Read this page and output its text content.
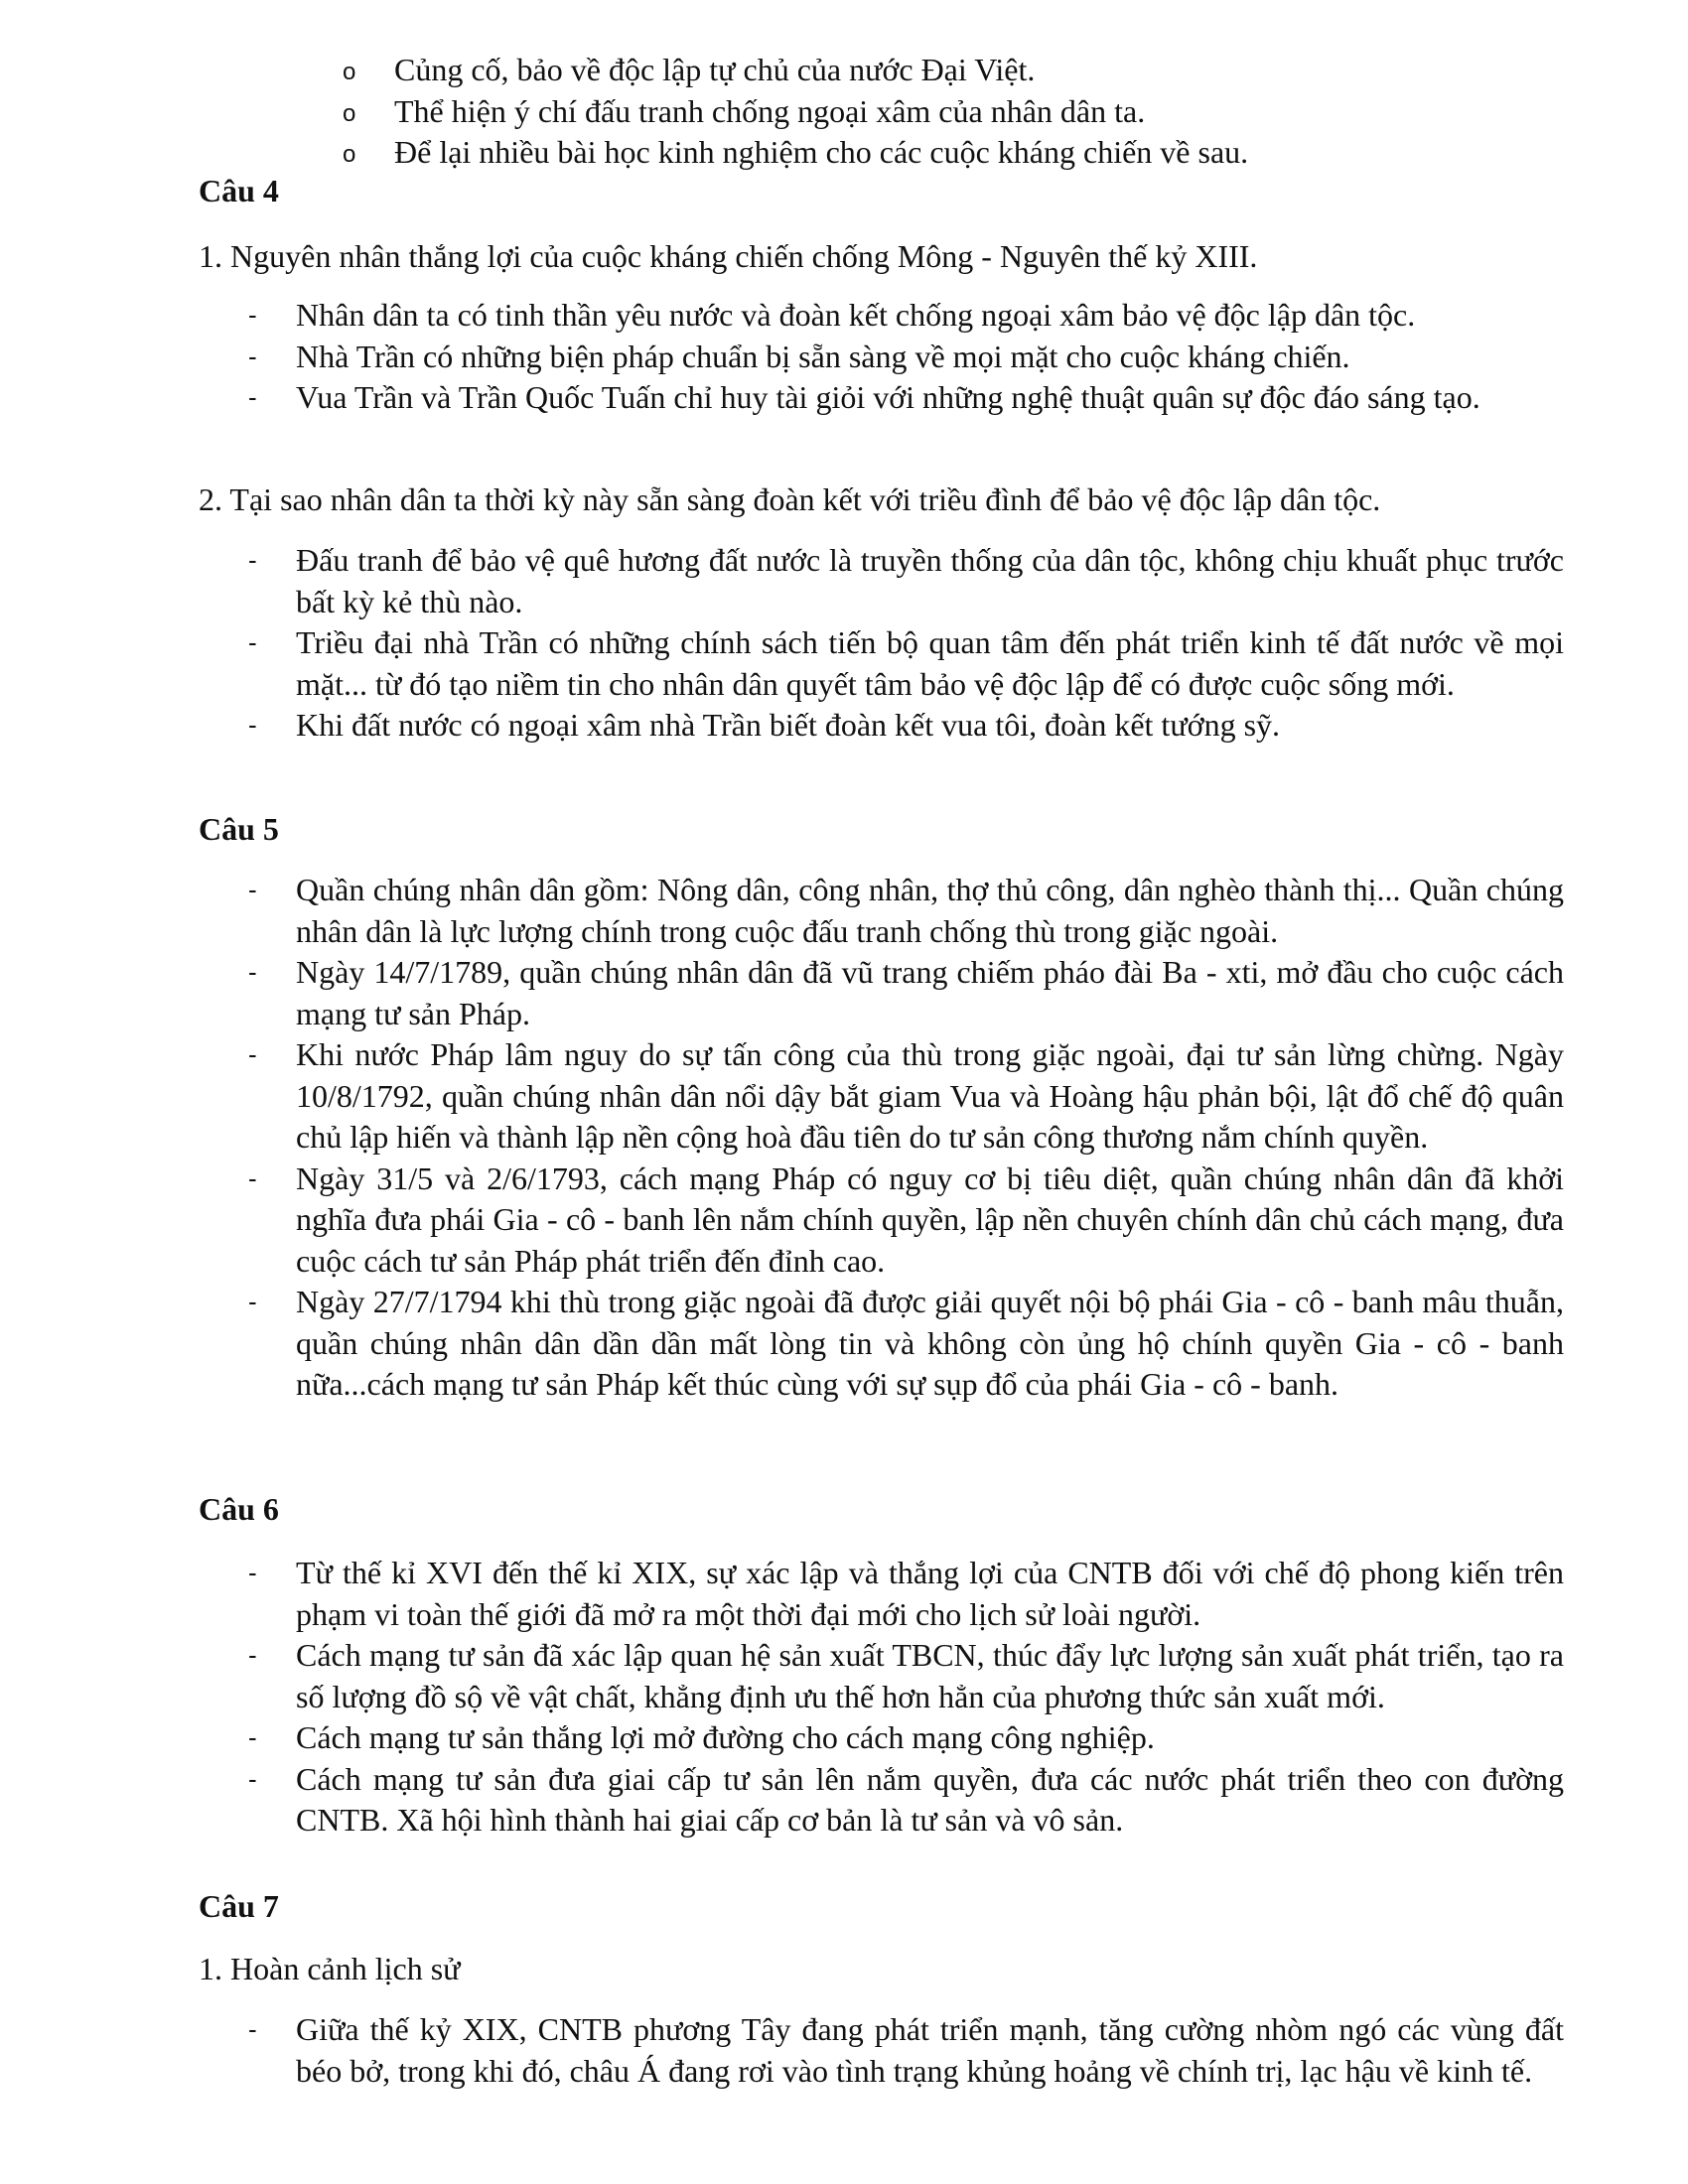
o Củng cố, bảo về độc lập tự chủ của nước Đại Việt.
o Thể hiện ý chí đấu tranh chống ngoại xâm của nhân dân ta.
o Để lại nhiều bài học kinh nghiệm cho các cuộc kháng chiến về sau.
Câu 4

1. Nguyên nhân thắng lợi của cuộc kháng chiến chống Mông - Nguyên thế kỷ XIII.

- Nhân dân ta có tinh thần yêu nước và đoàn kết chống ngoại xâm bảo vệ độc lập dân tộc.
- Nhà Trần có những biện pháp chuẩn bị sẵn sàng về mọi mặt cho cuộc kháng chiến.
- Vua Trần và Trần Quốc Tuấn chỉ huy tài giỏi với những nghệ thuật quân sự độc đáo sáng tạo.

2. Tại sao nhân dân ta thời kỳ này sẵn sàng đoàn kết với triều đình để bảo vệ độc lập dân tộc.

- Đấu tranh để bảo vệ quê hương đất nước là truyền thống của dân tộc, không chịu khuất phục trước bất kỳ kẻ thù nào.
- Triều đại nhà Trần có những chính sách tiến bộ quan tâm đến phát triển kinh tế đất nước về mọi mặt... từ đó tạo niềm tin cho nhân dân quyết tâm bảo vệ độc lập để có được cuộc sống mới.
- Khi đất nước có ngoại xâm nhà Trần biết đoàn kết vua tôi, đoàn kết tướng sỹ.
Câu 5
- Quần chúng nhân dân gồm: Nông dân, công nhân, thợ thủ công, dân nghèo thành thị... Quần chúng nhân dân là lực lượng chính trong cuộc đấu tranh chống thù trong giặc ngoài.
- Ngày 14/7/1789, quần chúng nhân dân đã vũ trang chiếm pháo đài Ba - xti, mở đầu cho cuộc cách mạng tư sản Pháp.
- Khi nước Pháp lâm nguy do sự tấn công của thù trong giặc ngoài, đại tư sản lừng chừng. Ngày 10/8/1792, quần chúng nhân dân nổi dậy bắt giam Vua và Hoàng hậu phản bội, lật đổ chế độ quân chủ lập hiến và thành lập nền cộng hoà đầu tiên do tư sản công thương nắm chính quyền.
- Ngày 31/5 và 2/6/1793, cách mạng Pháp có nguy cơ bị tiêu diệt, quần chúng nhân dân đã khởi nghĩa đưa phái Gia - cô - banh lên nắm chính quyền, lập nền chuyên chính dân chủ cách mạng, đưa cuộc cách tư sản Pháp phát triển đến đỉnh cao.
- Ngày 27/7/1794 khi thù trong giặc ngoài đã được giải quyết nội bộ phái Gia - cô - banh mâu thuẫn, quần chúng nhân dân dần dần mất lòng tin và không còn ủng hộ chính quyền Gia - cô - banh nữa...cách mạng tư sản Pháp kết thúc cùng với sự sụp đổ của phái Gia - cô - banh.
Câu 6
- Từ thế kỉ XVI đến thế kỉ XIX, sự xác lập và thắng lợi của CNTB đối với chế độ phong kiến trên phạm vi toàn thế giới đã mở ra một thời đại mới cho lịch sử loài người.
- Cách mạng tư sản đã xác lập quan hệ sản xuất TBCN, thúc đẩy lực lượng sản xuất phát triển, tạo ra số lượng đồ sộ về vật chất, khẳng định ưu thế hơn hẳn của phương thức sản xuất mới.
- Cách mạng tư sản thắng lợi mở đường cho cách mạng công nghiệp.
- Cách mạng tư sản đưa giai cấp tư sản lên nắm quyền, đưa các nước phát triển theo con đường CNTB. Xã hội hình thành hai giai cấp cơ bản là tư sản và vô sản.
Câu 7

1. Hoàn cảnh lịch sử

- Giữa thế kỷ XIX, CNTB phương Tây đang phát triển mạnh, tăng cường nhòm ngó các vùng đất béo bở, trong khi đó, châu Á đang rơi vào tình trạng khủng hoảng về chính trị, lạc hậu về kinh tế.
